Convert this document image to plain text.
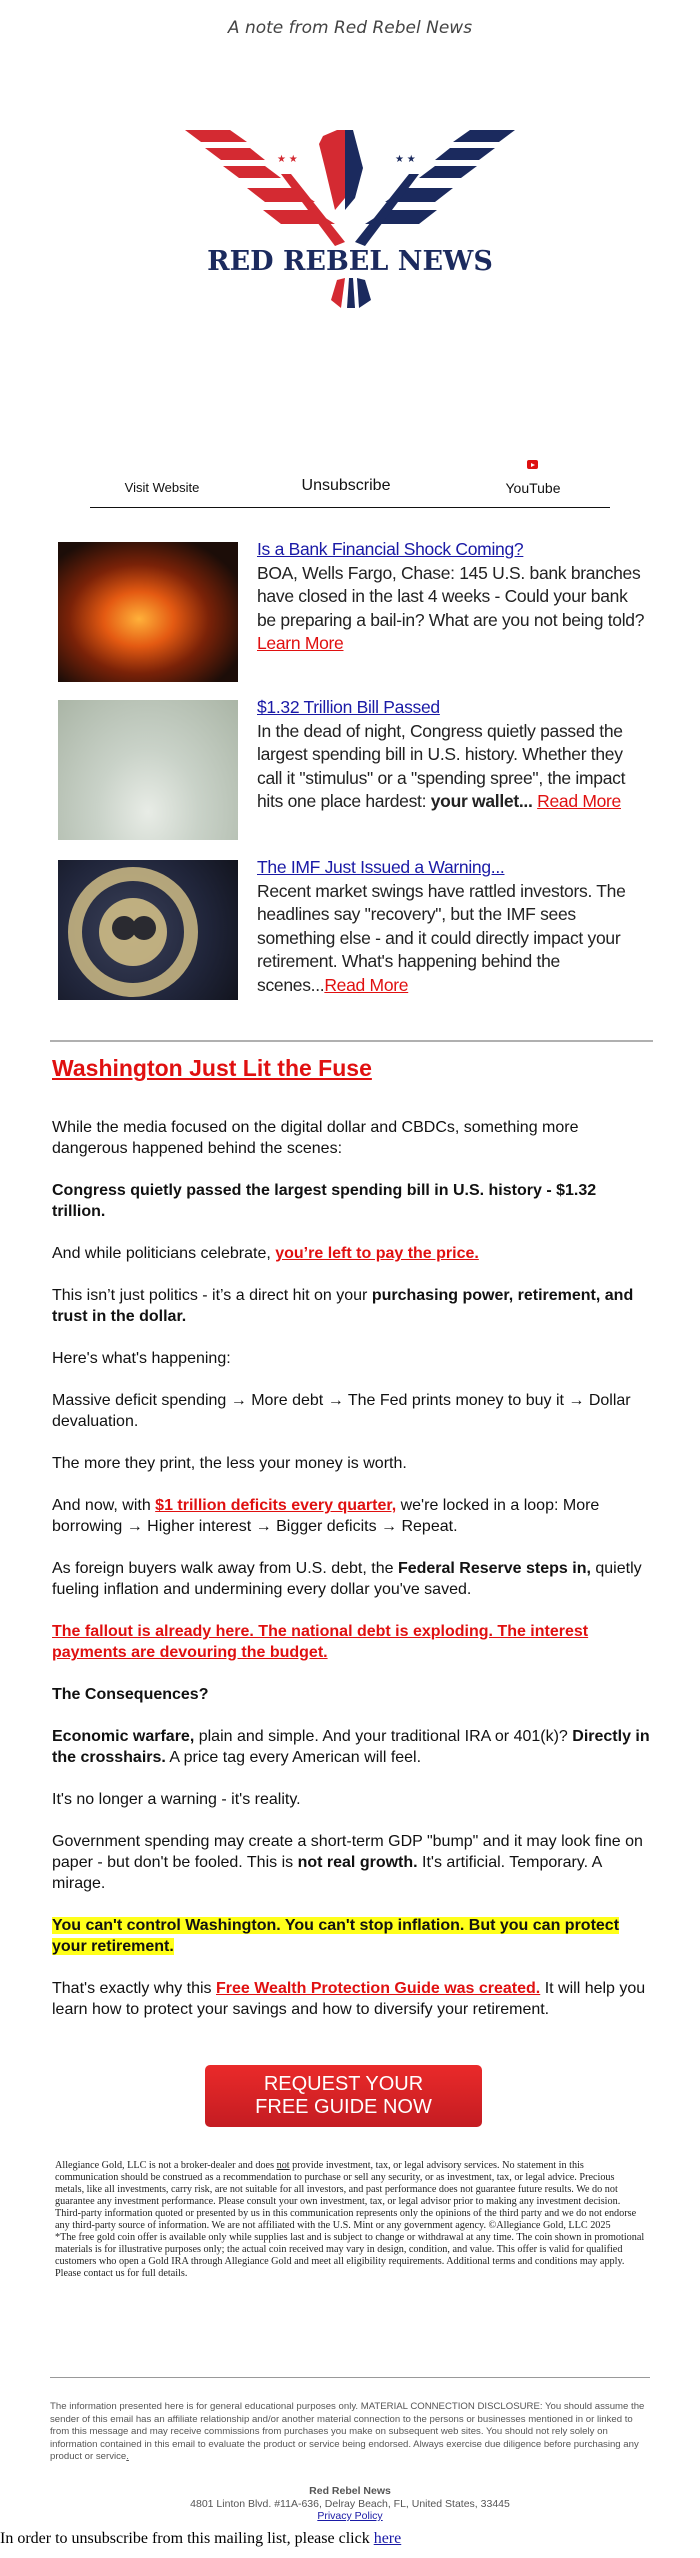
A note from Red Rebel News
★ ★	★ ★
RED REBEL NEWS
Visit Website	Unsubscribe	YouTube
Is a Bank Financial Shock Coming?
BOA, Wells Fargo, Chase: 145 U.S. bank branches have closed in the last 4 weeks - Could your bank be preparing a bail-in? What are you not being told? Learn More
$1.32 Trillion Bill Passed
In the dead of night, Congress quietly passed the largest spending bill in U.S. history. Whether they call it "stimulus" or a "spending spree", the impact hits one place hardest: your wallet... Read More
The IMF Just Issued a Warning...
Recent market swings have rattled investors. The headlines say "recovery", but the IMF sees something else - and it could directly impact your retirement. What's happening behind the scenes...Read More
Washington Just Lit the Fuse

While the media focused on the digital dollar and CBDCs, something more dangerous happened behind the scenes:

Congress quietly passed the largest spending bill in U.S. history - $1.32 trillion.

And while politicians celebrate, you’re left to pay the price.

This isn’t just politics - it’s a direct hit on your purchasing power, retirement, and trust in the dollar.

Here's what's happening:

Massive deficit spending → More debt → The Fed prints money to buy it → Dollar devaluation.

The more they print, the less your money is worth.

And now, with $1 trillion deficits every quarter, we're locked in a loop: More borrowing → Higher interest → Bigger deficits → Repeat.

As foreign buyers walk away from U.S. debt, the Federal Reserve steps in, quietly fueling inflation and undermining every dollar you've saved.

The fallout is already here. The national debt is exploding. The interest payments are devouring the budget.

The Consequences?

Economic warfare, plain and simple. And your traditional IRA or 401(k)? Directly in the crosshairs. A price tag every American will feel.

It's no longer a warning - it's reality.

Government spending may create a short-term GDP "bump" and it may look fine on paper - but don't be fooled. This is not real growth. It's artificial. Temporary. A mirage.

You can't control Washington. You can't stop inflation. But you can protect your retirement.

That's exactly why this Free Wealth Protection Guide was created. It will help you learn how to protect your savings and how to diversify your retirement.

REQUEST YOUR
FREE GUIDE NOW

Allegiance Gold, LLC is not a broker-dealer and does not provide investment, tax, or legal advisory services. No statement in this communication should be construed as a recommendation to purchase or sell any security, or as investment, tax, or legal advice. Precious metals, like all investments, carry risk, are not suitable for all investors, and past performance does not guarantee future results. We do not guarantee any investment performance. Please consult your own investment, tax, or legal advisor prior to making any investment decision. Third-party information quoted or presented by us in this communication represents only the opinions of the third party and we do not endorse any third-party source of information. We are not affiliated with the U.S. Mint or any government agency. ©Allegiance Gold, LLC 2025

*The free gold coin offer is available only while supplies last and is subject to change or withdrawal at any time. The coin shown in promotional materials is for illustrative purposes only; the actual coin received may vary in design, condition, and value. This offer is valid for qualified customers who open a Gold IRA through Allegiance Gold and meet all eligibility requirements. Additional terms and conditions may apply. Please contact us for full details.

The information presented here is for general educational purposes only. MATERIAL CONNECTION DISCLOSURE: You should assume the sender of this email has an affiliate relationship and/or another material connection to the persons or businesses mentioned in or linked to from this message and may receive commissions from purchases you make on subsequent web sites. You should not rely solely on information contained in this email to evaluate the product or service being endorsed. Always exercise due diligence before purchasing any product or service.
Red Rebel News
4801 Linton Blvd. #11A-636, Delray Beach, FL, United States, 33445
Privacy Policy
In order to unsubscribe from this mailing list, please click here
